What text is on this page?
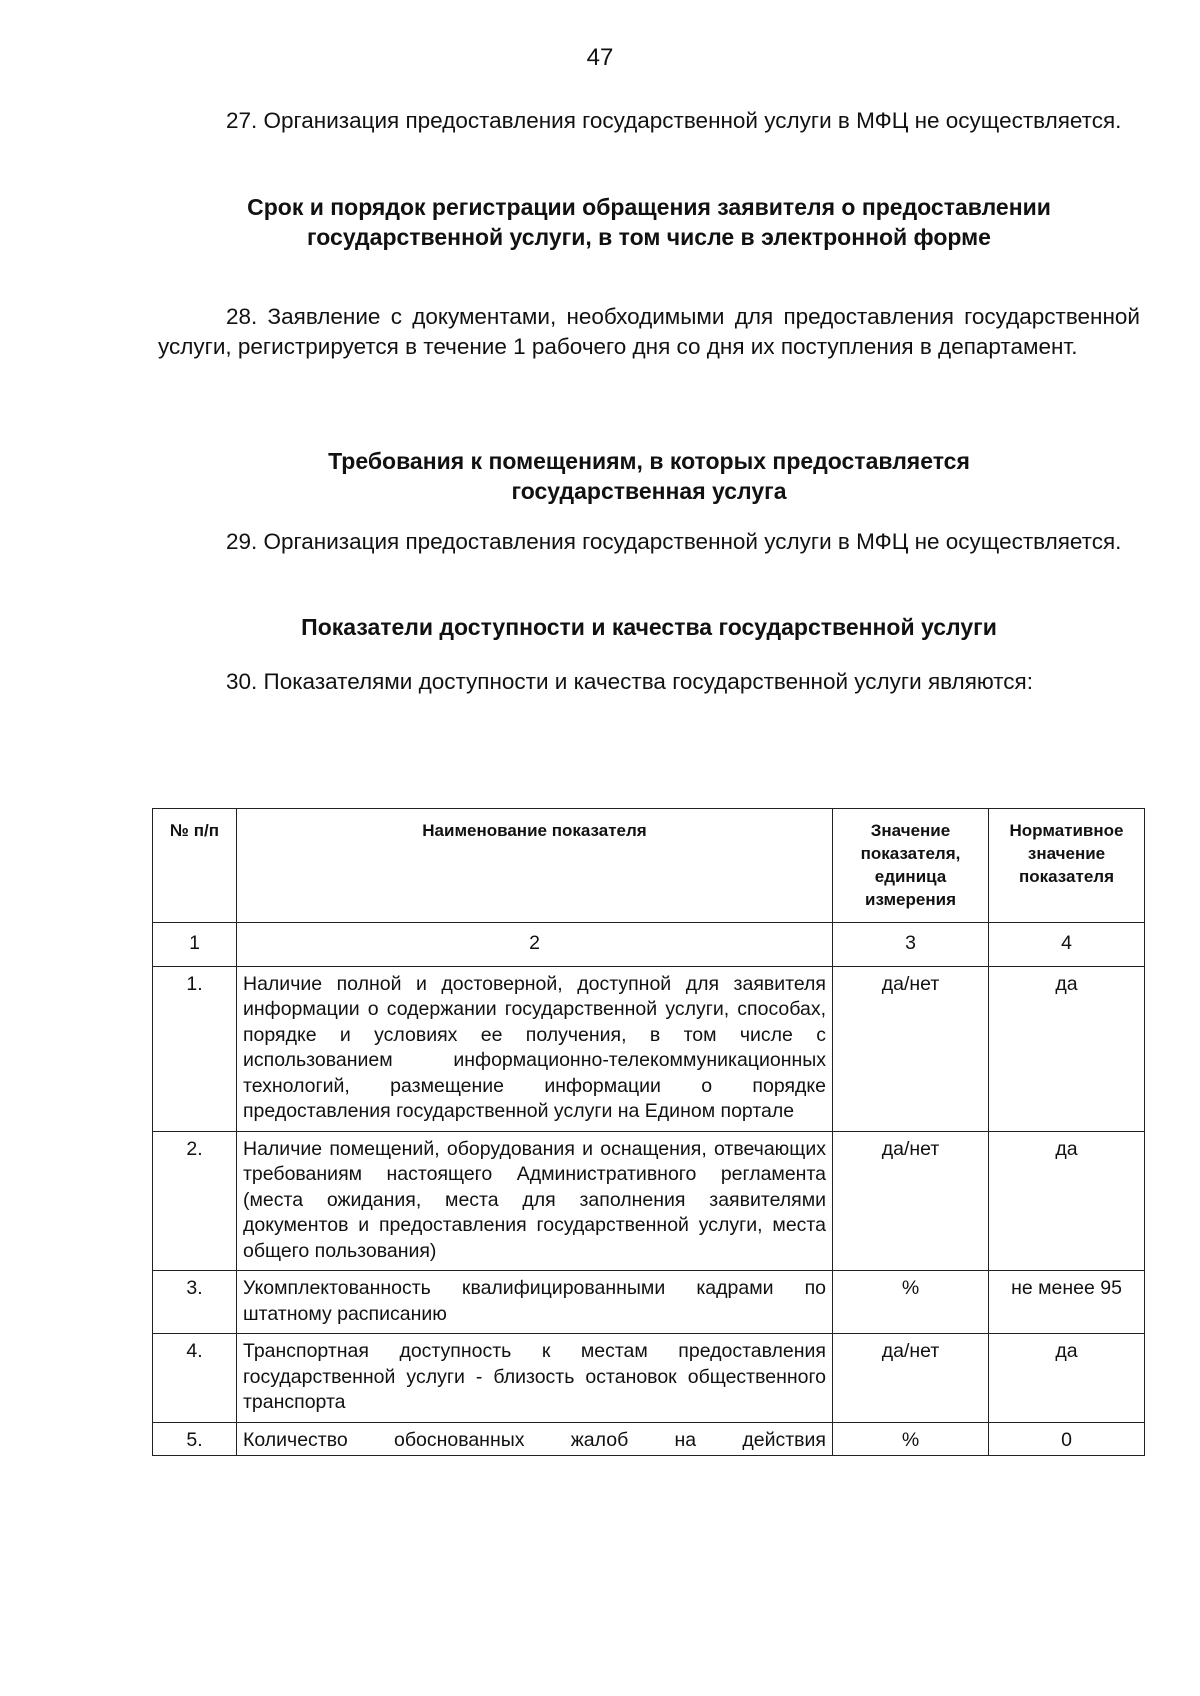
47

27. Организация предоставления государственной услуги в МФЦ не осуществляется.

Срок и порядок регистрации обращения заявителя о предоставлении государственной услуги, в том числе в электронной форме

28. Заявление с документами, необходимыми для предоставления государственной услуги, регистрируется в течение 1 рабочего дня со дня их поступления в департамент.

Требования к помещениям, в которых предоставляется государственная услуга

29. Организация предоставления государственной услуги в МФЦ не осуществляется.

Показатели доступности и качества государственной услуги

30. Показателями доступности и качества государственной услуги являются:

№ п/п	Наименование показателя	Значение показателя, единица измерения	Нормативное значение показателя
1	2	3	4
1.	Наличие полной и достоверной, доступной для заявителя информации о содержании государственной услуги, способах, порядке и условиях ее получения, в том числе с использованием информационно-телекоммуникационных технологий, размещение информации о порядке предоставления государственной услуги на Едином портале	да/нет	да
2.	Наличие помещений, оборудования и оснащения, отвечающих требованиям настоящего Административного регламента (места ожидания, места для заполнения заявителями документов и предоставления государственной услуги, места общего пользования)	да/нет	да
3.	Укомплектованность квалифицированными кадрами по штатному расписанию	%	не менее 95
4.	Транспортная доступность к местам предоставления государственной услуги - близость остановок общественного транспорта	да/нет	да
5.	Количество обоснованных жалоб на действия	%	0
